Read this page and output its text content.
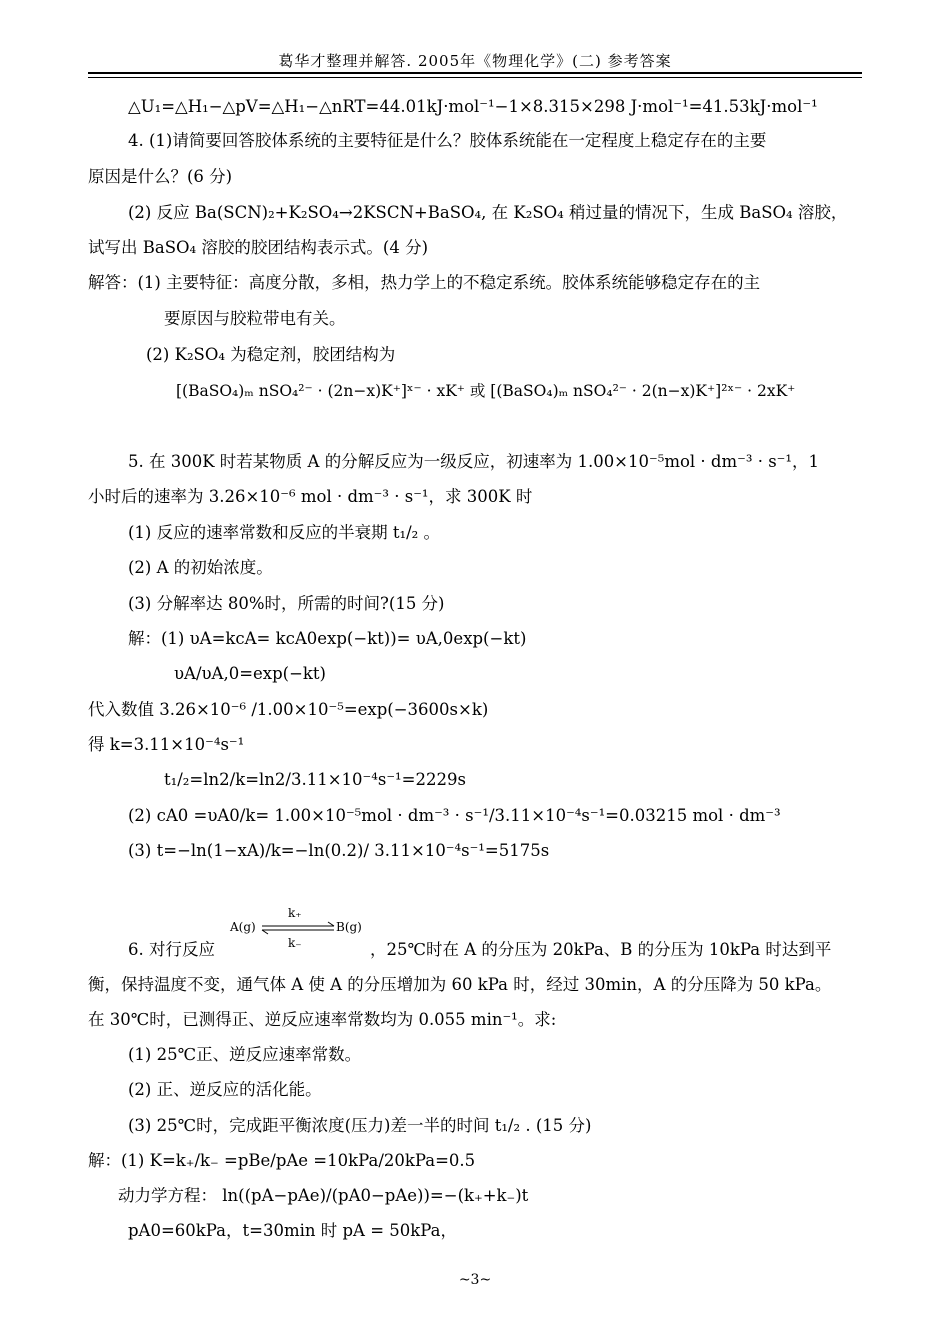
葛华才整理并解答. 2005年《物理化学》(二) 参考答案
△U₁=△H₁−△pV=△H₁−△nRT=44.01kJ·mol⁻¹−1×8.315×298 J·mol⁻¹=41.53kJ·mol⁻¹
4. (1)请简要回答胶体系统的主要特征是什么？胶体系统能在一定程度上稳定存在的主要
原因是什么？(6 分)
(2) 反应 Ba(SCN)₂+K₂SO₄→2KSCN+BaSO₄, 在 K₂SO₄ 稍过量的情况下，生成 BaSO₄ 溶胶，
试写出 BaSO₄ 溶胶的胶团结构表示式。(4 分)
解答：(1) 主要特征：高度分散，多相，热力学上的不稳定系统。胶体系统能够稳定存在的主
要原因与胶粒带电有关。
(2) K₂SO₄ 为稳定剂，胶团结构为
[(BaSO₄)ₘ nSO₄²⁻ · (2n−x)K⁺]ˣ⁻ · xK⁺ 或 [(BaSO₄)ₘ nSO₄²⁻ · 2(n−x)K⁺]²ˣ⁻ · 2xK⁺
5. 在 300K 时若某物质 A 的分解反应为一级反应，初速率为 1.00×10⁻⁵mol · dm⁻³ · s⁻¹，1
小时后的速率为 3.26×10⁻⁶ mol · dm⁻³ · s⁻¹，求 300K 时
(1) 反应的速率常数和反应的半衰期 t₁/₂ 。
(2) A 的初始浓度。
(3) 分解率达 80%时，所需的时间?(15 分)
解：(1) υA=kcA= kcA0exp(−kt))= υA,0exp(−kt)
υA/υA,0=exp(−kt)
代入数值 3.26×10⁻⁶ /1.00×10⁻⁵=exp(−3600s×k)
得 k=3.11×10⁻⁴s⁻¹
t₁/₂=ln2/k=ln2/3.11×10⁻⁴s⁻¹=2229s
(2) cA0 =υA0/k= 1.00×10⁻⁵mol · dm⁻³ · s⁻¹/3.11×10⁻⁴s⁻¹=0.03215 mol · dm⁻³
(3) t=−ln(1−xA)/k=−ln(0.2)/ 3.11×10⁻⁴s⁻¹=5175s
6. 对行反应
A(g)
k₊
B(g)
k₋	，25℃时在 A 的分压为 20kPa、B 的分压为 10kPa 时达到平
衡，保持温度不变，通气体 A 使 A 的分压增加为 60 kPa 时，经过 30min，A 的分压降为 50 kPa。
在 30℃时，已测得正、逆反应速率常数均为 0.055 min⁻¹。求:
(1) 25℃正、逆反应速率常数。
(2) 正、逆反应的活化能。
(3) 25℃时，完成距平衡浓度(压力)差一半的时间 t₁/₂ . (15 分)
解：(1) K=k₊/k₋ =pBe/pAe =10kPa/20kPa=0.5
动力学方程： ln((pA−pAe)/(pA0−pAe))=−(k₊+k₋)t
pA0=60kPa，t=30min 时 pA = 50kPa，
~3~
